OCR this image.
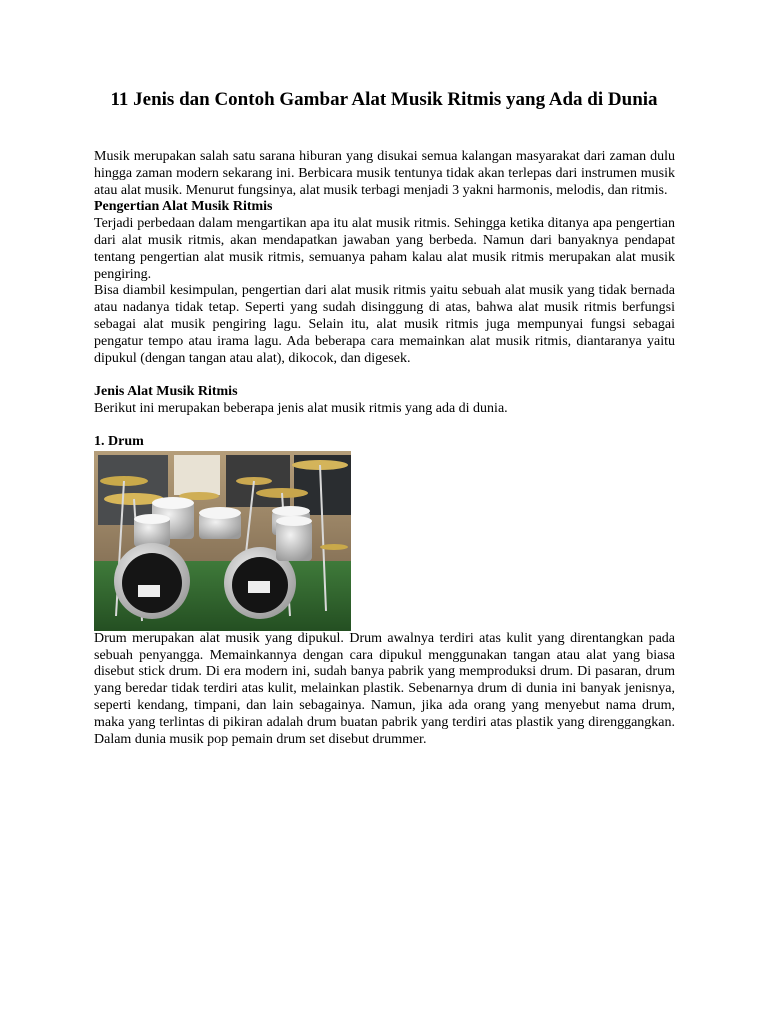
11 Jenis dan Contoh Gambar Alat Musik Ritmis yang Ada di Dunia

Musik merupakan salah satu sarana hiburan yang disukai semua kalangan masyarakat dari zaman dulu hingga zaman modern sekarang ini. Berbicara musik tentunya tidak akan terlepas dari instrumen musik atau alat musik. Menurut fungsinya, alat musik terbagi menjadi 3 yakni harmonis, melodis, dan ritmis.

Pengertian Alat Musik Ritmis

Terjadi perbedaan dalam mengartikan apa itu alat musik ritmis. Sehingga ketika ditanya apa pengertian dari alat musik ritmis, akan mendapatkan jawaban yang berbeda. Namun dari banyaknya pendapat tentang pengertian alat musik ritmis, semuanya paham kalau alat musik ritmis merupakan alat musik pengiring.

Bisa diambil kesimpulan, pengertian dari alat musik ritmis yaitu sebuah alat musik yang tidak bernada atau nadanya tidak tetap. Seperti yang sudah disinggung di atas, bahwa alat musik ritmis berfungsi sebagai alat musik pengiring lagu. Selain itu, alat musik ritmis juga mempunyai fungsi sebagai pengatur tempo atau irama lagu. Ada beberapa cara memainkan alat musik ritmis, diantaranya yaitu dipukul (dengan tangan atau alat), dikocok, dan digesek.

Jenis Alat Musik Ritmis

Berikut ini merupakan beberapa jenis alat musik ritmis yang ada di dunia.

1. Drum

Drum merupakan alat musik yang dipukul. Drum awalnya terdiri atas kulit yang direntangkan pada sebuah penyangga. Memainkannya dengan cara dipukul menggunakan tangan atau alat yang biasa disebut stick drum. Di era modern ini, sudah banya pabrik yang memproduksi drum. Di pasaran, drum yang beredar tidak terdiri atas kulit, melainkan plastik. Sebenarnya drum di dunia ini banyak jenisnya, seperti kendang, timpani, dan lain sebagainya. Namun, jika ada orang yang menyebut nama drum, maka yang terlintas di pikiran adalah drum buatan pabrik yang terdiri atas plastik yang direnggangkan. Dalam dunia musik pop pemain drum set disebut drummer.
